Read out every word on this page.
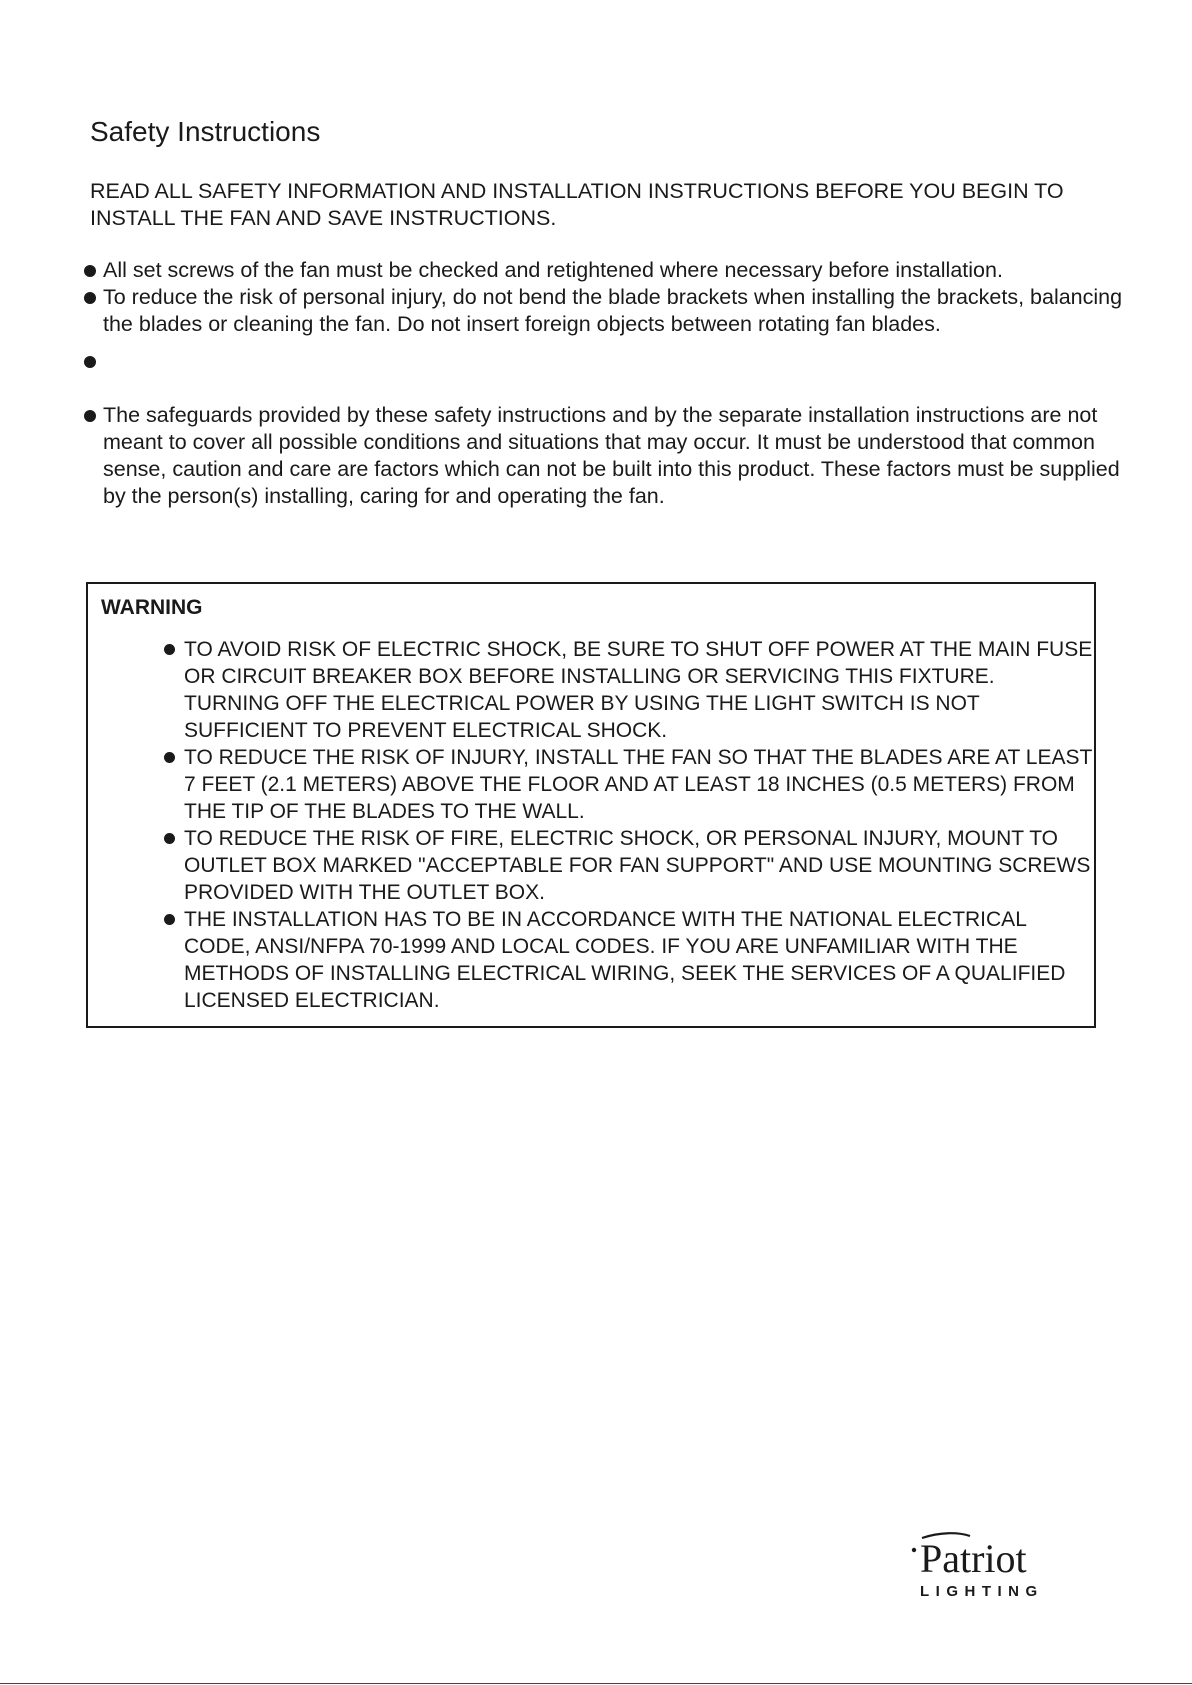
Safety Instructions

READ ALL SAFETY INFORMATION AND INSTALLATION INSTRUCTIONS BEFORE YOU BEGIN TO INSTALL THE FAN AND SAVE INSTRUCTIONS.

All set screws of the fan must be checked and retightened where necessary before installation.
To reduce the risk of personal injury, do not bend the blade brackets when installing the brackets, balancing the blades or cleaning the fan. Do not insert foreign objects between rotating fan blades.
The safeguards provided by these safety instructions and by the separate installation instructions are not meant to cover all possible conditions and situations that may occur. It must be understood that common sense, caution and care are factors which can not be built into this product. These factors must be supplied by the person(s) installing, caring for and operating the fan.
WARNING
TO AVOID RISK OF ELECTRIC SHOCK, BE SURE TO SHUT OFF POWER AT THE MAIN FUSE OR CIRCUIT BREAKER BOX BEFORE INSTALLING OR SERVICING THIS FIXTURE. TURNING OFF THE ELECTRICAL POWER BY USING THE LIGHT SWITCH IS NOT SUFFICIENT TO PREVENT ELECTRICAL SHOCK.
TO REDUCE THE RISK OF INJURY, INSTALL THE FAN SO THAT THE BLADES ARE AT LEAST 7 FEET (2.1 METERS) ABOVE THE FLOOR AND AT LEAST 18 INCHES (0.5 METERS) FROM THE TIP OF THE BLADES TO THE WALL.
TO REDUCE THE RISK OF FIRE, ELECTRIC SHOCK, OR PERSONAL INJURY, MOUNT TO OUTLET BOX MARKED "ACCEPTABLE FOR FAN SUPPORT" AND USE MOUNTING SCREWS PROVIDED WITH THE OUTLET BOX.
THE INSTALLATION HAS TO BE IN ACCORDANCE WITH THE NATIONAL ELECTRICAL CODE, ANSI/NFPA 70-1999 AND LOCAL CODES. IF YOU ARE UNFAMILIAR WITH THE METHODS OF INSTALLING ELECTRICAL WIRING, SEEK THE SERVICES OF A QUALIFIED LICENSED ELECTRICIAN.
Patriot
LIGHTING
